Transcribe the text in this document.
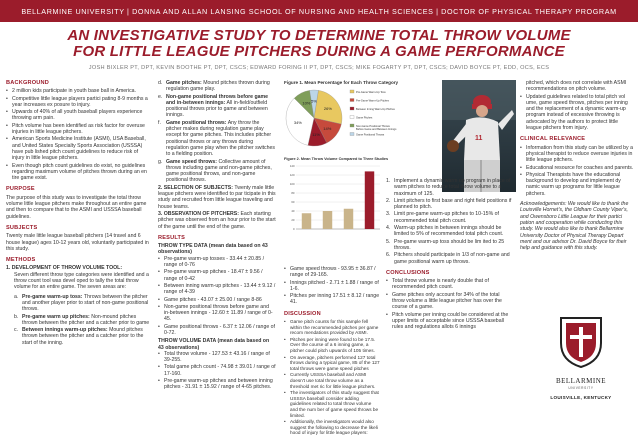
BELLARMINE UNIVERSITY | DONNA AND ALLAN LANSING SCHOOL OF NURSING AND HEALTH SCIENCES | DOCTOR OF PHYSICAL THERAPY PROGRAM
AN INVESTIGATIVE STUDY TO DETERMINE TOTAL THROW VOLUME
FOR LITTLE LEAGUE PITCHERS DURING A GAME PERFORMANCE
JOSH BIXLER PT, DPT, KEVIN BOOTHE PT, DPT, CSCS; EDWARD FORING II PT, DPT, CSCS; MIKE FOGARTY PT, DPT, CSCS; DAVID BOYCE PT, EDD, OCS, ECS
BACKGROUND
• 2 million kids participate in youth base ball in America.
• Competitive little league players partici pating 8-9 months a year increases ex posure to injury.
• Upwards of 40% of all youth baseball players experience throwing arm pain.
• Pitch volume has been identified as risk factor for overuse injuries in little league pitchers.
• American Sports Medicine Institute (ASMI), USA Baseball, and United States Specialty Sports Association (USSSA) have pub lished pitch count guidelines to reduce risk of injury in little league pitchers.
• Even though pitch count guidelines do exist, no guidelines regarding maximum volume of pitches thrown during an en tire game exist.
PURPOSE

The purpose of this study was to investigate the total throw volume little league pitchers make throughout an entire game and then to compare that to the ASMI and USSSA baseball guidelines.

SUBJECTS

Twenty male little league baseball pitchers (14 travel and 6 house league) ages 10-12 years old, voluntarily participated in this study.

METHODS
1. DEVELOPMENT OF THROW VOLUME TOOL:

Seven different throw type categories were identified and a throw count tool was devel oped to tally the total throw volume for an entire game. The seven areas are:

a. Pre-game warm-up toss: Throws between the pitcher and another player prior to start of non-game positional throws.
b. Pre-game warm up pitches: Non-mound pitches thrown between the pitcher and a catcher prior to game
c. Between innings warm-up pitches: Mound pitches thrown between the pitcher and a catcher prior to the start of the inning.
d. Game pitches: Mound pitches thrown during regulation game play.
e. Non-game positional throws before game and in-between innings: All in-field/outfield positional throws prior to game and between innings.
f. Game positional throws: Any throw the pitcher makes during regulation game play except for game pitches. This includes pitcher positional throws or any throws during regulation game play when the pitcher switches to a fielding position.
g. Game speed throws: Collective amount of throws including game and non-game pitches, game positional throws, and non-game positional throws.
2. SELECTION OF SUBJECTS: Twenty male little league pitchers were identified to par ticipate in this study and recruited from little league traveling and house teams.
3. OBSERVATION OF PITCHERS: Each starting pitcher was observed from an hour prior to the start of the game until the end of the game.
RESULTS
THROW TYPE DATA (mean data based on 43 observations)
• Pre-game warm-up tosses - 33.44 ± 20.85 / range of 0-76
• Pre-game warm-up pitches - 18.47 ± 9.56 / range of 0-42
• Between inning warm-up pitches - 13.44 ± 9.12 / range of 4-39
• Game pitches - 43.07 ± 25.00 / range 8-86
• Non-game positional throws before game and in-between innings - 12.60 ± 11.89 / range of 0-45.
• Game positional throws - 6.37 ± 12.06 / range of 0-72.
THROW VOLUME DATA (mean data based on 43 observations)
• Total throw volume - 127.53 ± 43.16 / range of 39-255.
• Total game pitch count - 74.98 ± 39.01 / range of 17-160.
• Pre-game warm-up pitches and between inning pitches - 31.91 ± 15.92 / range of 4-65 pitches.
Figure 1. Mean Percentage for Each Throw Category
26%
14%
11%
34%
10% 5%
Pre-Game Warm-Up Toss
Pre-Game Warm-Up Pitches
Between Inning Warm-Up Pitches
Game Pitches
Non-Game Positional Throws Before Game and Between Innings
Game Positional Throws
Figure 2. Mean Throw Volume Compared to Three Studies
0
20
40
60
80
100
120
140
• Game speed throws - 93.95 ± 36.87 / range of 29-165.
• Innings pitched - 2.71 ± 1.88 / range of 1-6.
• Pitches per inning 17.51 ± 8.12 / range 41.
DISCUSSION
• Game pitch counts for this sample fell within the recommended pitches per game recom mendations provided by ASMI.
• Pitches per inning were found to be 17.5. Over the course of a 6 inning game, a pitcher could pitch upwards of 105 times.
• On average, pitchers performed 127 total throws during a typical game, 85 of the 127 total throws were game speed pitches
• Currently USSSA baseball and ASMI doesn't use total throw volume as a threshold met ric for little league pitchers.
• The investigators of this study suggest that USSSA baseball consider adding guidelines related to total throw volume and the num ber of game speed throws be limited.
• Additionally, the investigators would also suggest the following to decrease the likeli hood of injury for little league players:
11
1. Implement a dynamic warm up program in place of warm pitches to reduce total throw volume to a maximum of 125.
2. Limit pitchers to first base and right field positions if planned to pitch.
3. Limit pre-game warm-up pitches to 10-15% of recommended total pitch count.
4. Warm-up pitches in between innings should be limited to 5% of recommended total pitch count.
5. Pre-game warm-up toss should be lim ited to 25 throws.
6. Pitchers should participate in 1/3 of non-game and game positional warm up throws.
CONCLUSIONS
• Total throw volume is nearly double that of recommended pitch count.
• Game pitches only account for 34% of the total throw volume a little league pitcher has over the course of a game.
• Pitch volume per inning could be considered at the upper limits of acceptable since USSSA baseball rules and regulations allots 6 innings

pitched, which does not correlate with ASMI recommendations on pitch volume.

• Updated guidelines related to total pitch vol ume, game speed throws, pitches per inning and the replacement of a dynamic warm-up program instead of excessive throwing is advocated by the authors to protect little league pitchers from injury.
CLINICAL RELEVANCE
• Information from this study can be utilized by a physical therapist to reduce overuse injuries in little league pitchers.
• Educational resource for coaches and parents.
• Physical Therapists have the educational background to develop and implement dy namic warm up programs for little league pitchers.

Acknowledgements: We would like to thank the Louisville Hornet's, the Oldham County Viper's, and Owensboro Little League for their partici pation and cooperation while conducting this study. We would also like to thank Bellarmine University Doctor of Physical Therapy Depart ment and our advisor Dr. David Boyce for their help and guidance with this study.

BELLARMINE
UNIVERSITY
LOUISVILLE, KENTUCKY
